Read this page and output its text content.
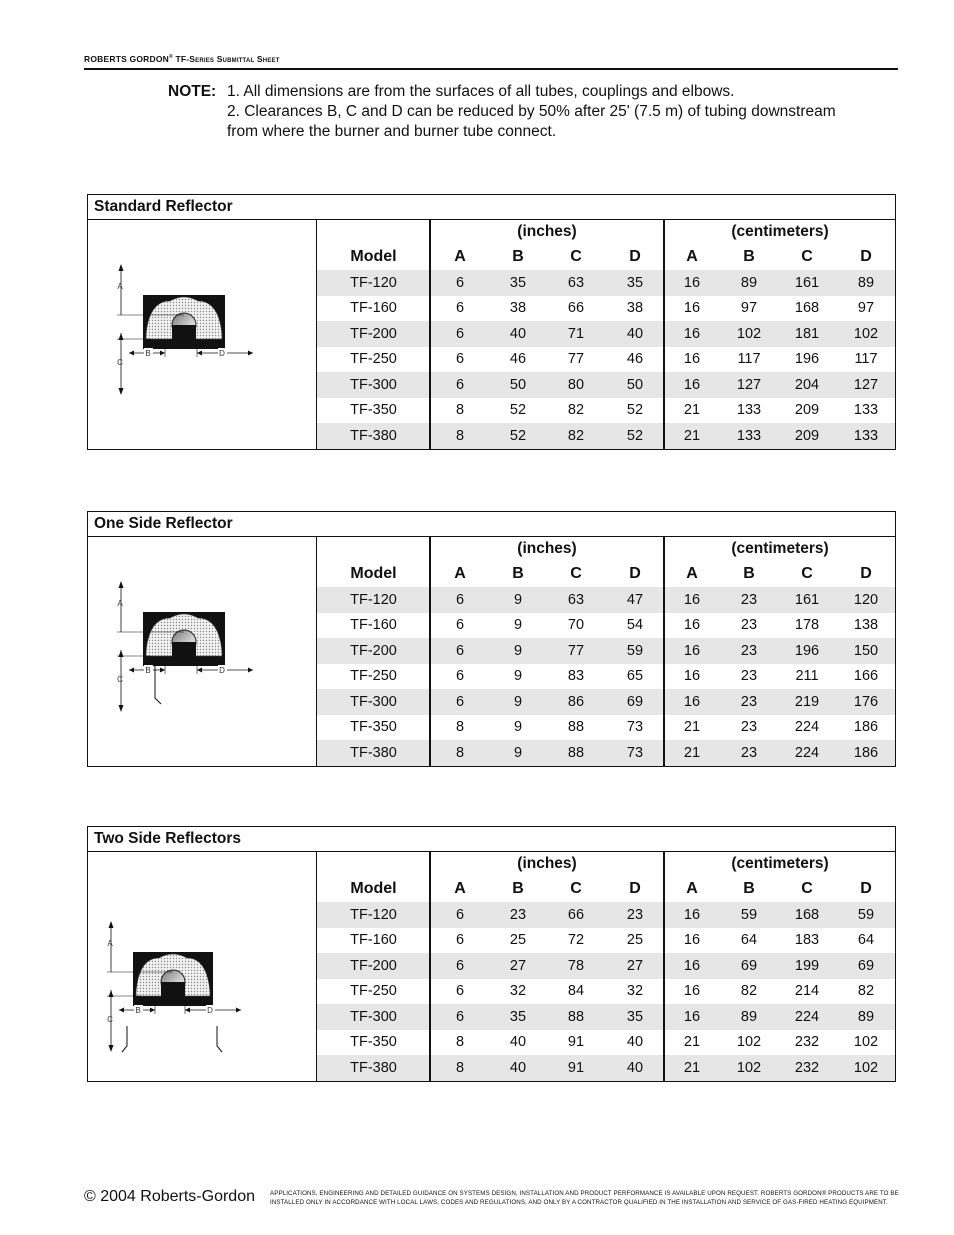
ROBERTS GORDON® TF-Series Submittal Sheet
NOTE: 1. All dimensions are from the surfaces of all tubes, couplings and elbows.
2. Clearances B, C and D can be reduced by 50% after 25' (7.5 m) of tubing downstream
from where the burner and burner tube connect.
Standard Reflector
A
C
B	D
(inches)	(centimeters)
Model	A	B	C	D	A	B	C	D
TF-120	6	35	63	35	16	89	161	89
TF-160	6	38	66	38	16	97	168	97
TF-200	6	40	71	40	16	102	181	102
TF-250	6	46	77	46	16	117	196	117
TF-300	6	50	80	50	16	127	204	127
TF-350	8	52	82	52	21	133	209	133
TF-380	8	52	82	52	21	133	209	133
One Side Reflector
A
C
B	D
(inches)	(centimeters)
Model	A	B	C	D	A	B	C	D
TF-120	6	9	63	47	16	23	161	120
TF-160	6	9	70	54	16	23	178	138
TF-200	6	9	77	59	16	23	196	150
TF-250	6	9	83	65	16	23	211	166
TF-300	6	9	86	69	16	23	219	176
TF-350	8	9	88	73	21	23	224	186
TF-380	8	9	88	73	21	23	224	186
Two Side Reflectors
A
C
B	D
(inches)	(centimeters)
Model	A	B	C	D	A	B	C	D
TF-120	6	23	66	23	16	59	168	59
TF-160	6	25	72	25	16	64	183	64
TF-200	6	27	78	27	16	69	199	69
TF-250	6	32	84	32	16	82	214	82
TF-300	6	35	88	35	16	89	224	89
TF-350	8	40	91	40	21	102	232	102
TF-380	8	40	91	40	21	102	232	102
© 2004 Roberts-Gordon APPLICATIONS, ENGINEERING AND DETAILED GUIDANCE ON SYSTEMS DESIGN, INSTALLATION AND PRODUCT PERFORMANCE IS AVAILABLE UPON REQUEST. ROBERTS GORDON® PRODUCTS ARE TO BE INSTALLED ONLY IN ACCORDANCE WITH LOCAL LAWS, CODES AND REGULATIONS, AND ONLY BY A CONTRACTOR QUALIFIED IN THE INSTALLATION AND SERVICE OF GAS-FIRED HEATING EQUIPMENT.
